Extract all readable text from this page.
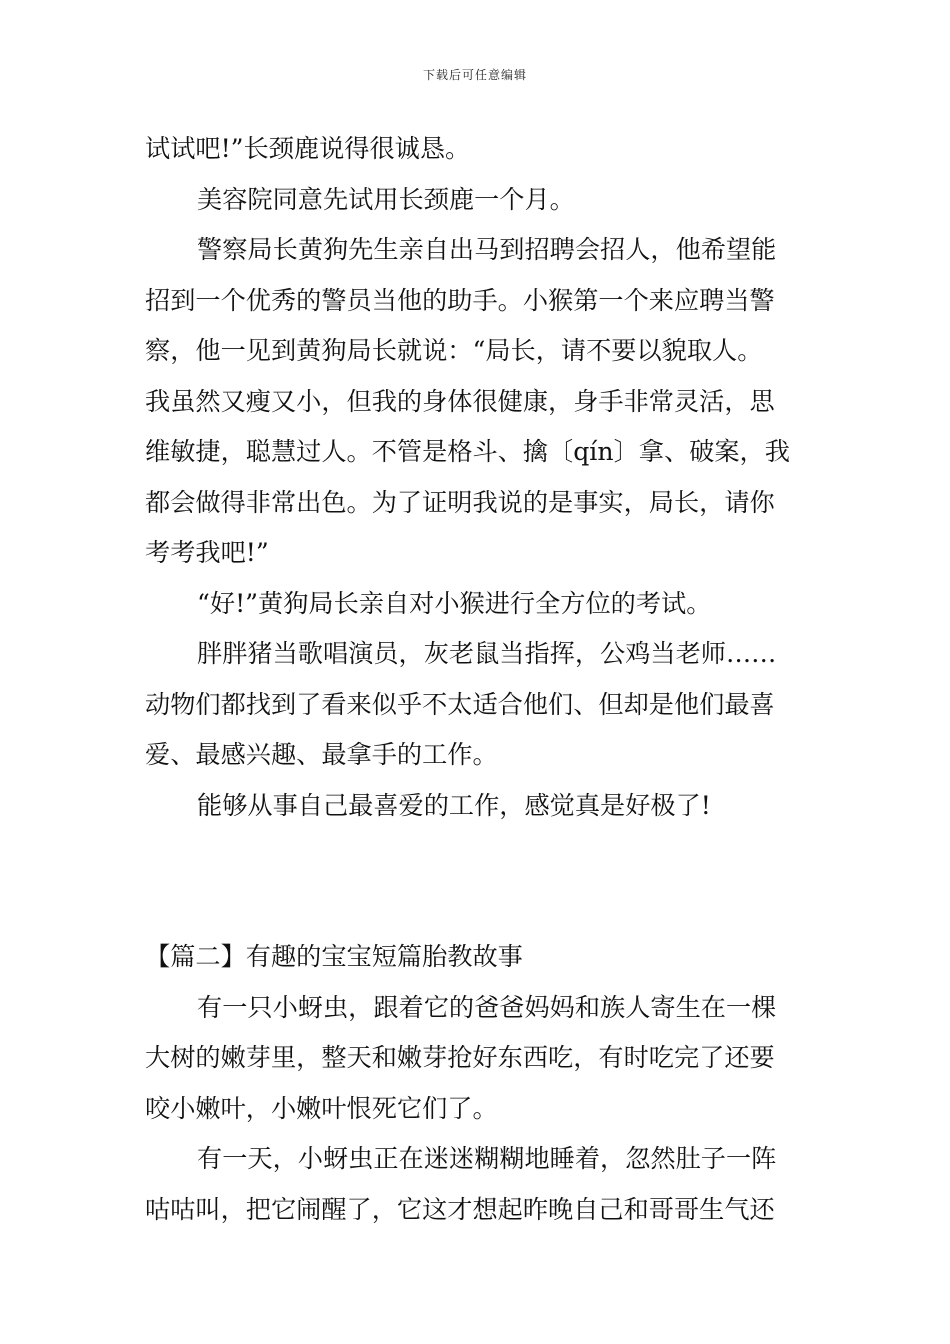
下载后可任意编辑

试试吧!”长颈鹿说得很诚恳。

美容院同意先试用长颈鹿一个月。

警察局长黄狗先生亲自出马到招聘会招人，他希望能

招到一个优秀的警员当他的助手。小猴第一个来应聘当警

察，他一见到黄狗局长就说：“局长，请不要以貌取人。

我虽然又瘦又小，但我的身体很健康，身手非常灵活，思

维敏捷，聪慧过人。不管是格斗、擒〔qín〕拿、破案，我

都会做得非常出色。为了证明我说的是事实，局长，请你

考考我吧!”

“好!”黄狗局长亲自对小猴进行全方位的考试。

胖胖猪当歌唱演员，灰老鼠当指挥，公鸡当老师……

动物们都找到了看来似乎不太适合他们、但却是他们最喜

爱、最感兴趣、最拿手的工作。

能够从事自己最喜爱的工作，感觉真是好极了!

【篇二】有趣的宝宝短篇胎教故事

有一只小蚜虫，跟着它的爸爸妈妈和族人寄生在一棵

大树的嫩芽里，整天和嫩芽抢好东西吃，有时吃完了还要

咬小嫩叶，小嫩叶恨死它们了。

有一天，小蚜虫正在迷迷糊糊地睡着，忽然肚子一阵

咕咕叫，把它闹醒了，它这才想起昨晚自己和哥哥生气还
